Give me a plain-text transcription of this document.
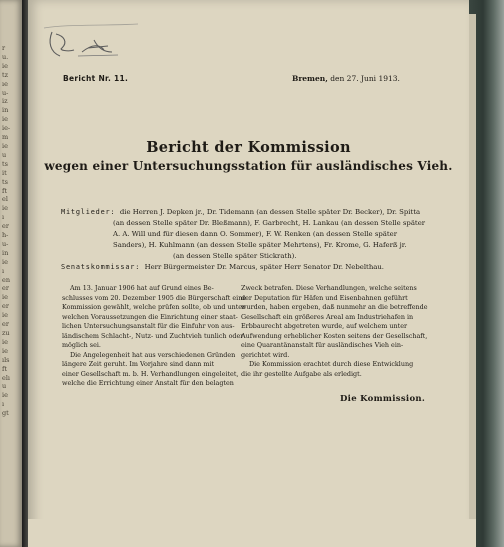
r
u.
ie
tz
ıe
u-
iz
in
ie
ie-
m
ie
u
ts
it
ts
ft
el
ie
ı
er
h-
u-
in
ie
ı
en
er
ie
er
ie
er
zu
ie
ie
ıls
ft
elı
u
ie
ı
gt
Bericht Nr. 11.	Bremen, den 27. Juni 1913.
Bericht der Kommission
wegen einer Untersuchungsstation für ausländisches Vieh.

Mitglieder: die Herren J. Depken jr., Dr. Tidemann (an dessen Stelle später Dr. Becker), Dr. Spitta
(an dessen Stelle später Dr. Bleßmann), F. Garbrecht, H. Lankau (an dessen Stelle später
A. A. Will und für diesen dann O. Sommer), F. W. Renken (an dessen Stelle später
Sanders), H. Kuhlmann (an dessen Stelle später Mehrtens), Fr. Krome, G. Haferß jr.
(an dessen Stelle später Stickrath).
Senatskommissar: Herr Bürgermeister Dr. Marcus, später Herr Senator Dr. Nebelthau.
Am 13. Januar 1906 hat auf Grund eines Be-
schlusses vom 20. Dezember 1905 die Bürgerschaft eine
Kommission gewählt, welche prüfen sollte, ob und unter
welchen Voraussetzungen die Einrichtung einer staat-
lichen Untersuchungsanstalt für die Einfuhr von aus-
ländischem Schlacht-, Nutz- und Zuchtvieh tunlich oder
möglich sei.
Die Angelegenheit hat aus verschiedenen Gründen
längere Zeit geruht. Im Vorjahre sind dann mit
einer Gesellschaft m. b. H. Verhandlungen eingeleitet,
welche die Errichtung einer Anstalt für den belagten
Zweck betrafen. Diese Verhandlungen, welche seitens
der Deputation für Häfen und Eisenbahnen geführt
wurden, haben ergeben, daß nunmehr an die betreffende
Gesellschaft ein größeres Areal am Industriehafen in
Erbbaurecht abgetreten wurde, auf welchem unter
Aufwendung erheblicher Kosten seitens der Gesellschaft,
eine Quarantänanstalt für ausländisches Vieh ein-
gerichtet wird.
Die Kommission erachtet durch diese Entwicklung
die ihr gestellte Aufgabe als erledigt.
Die Kommission.
